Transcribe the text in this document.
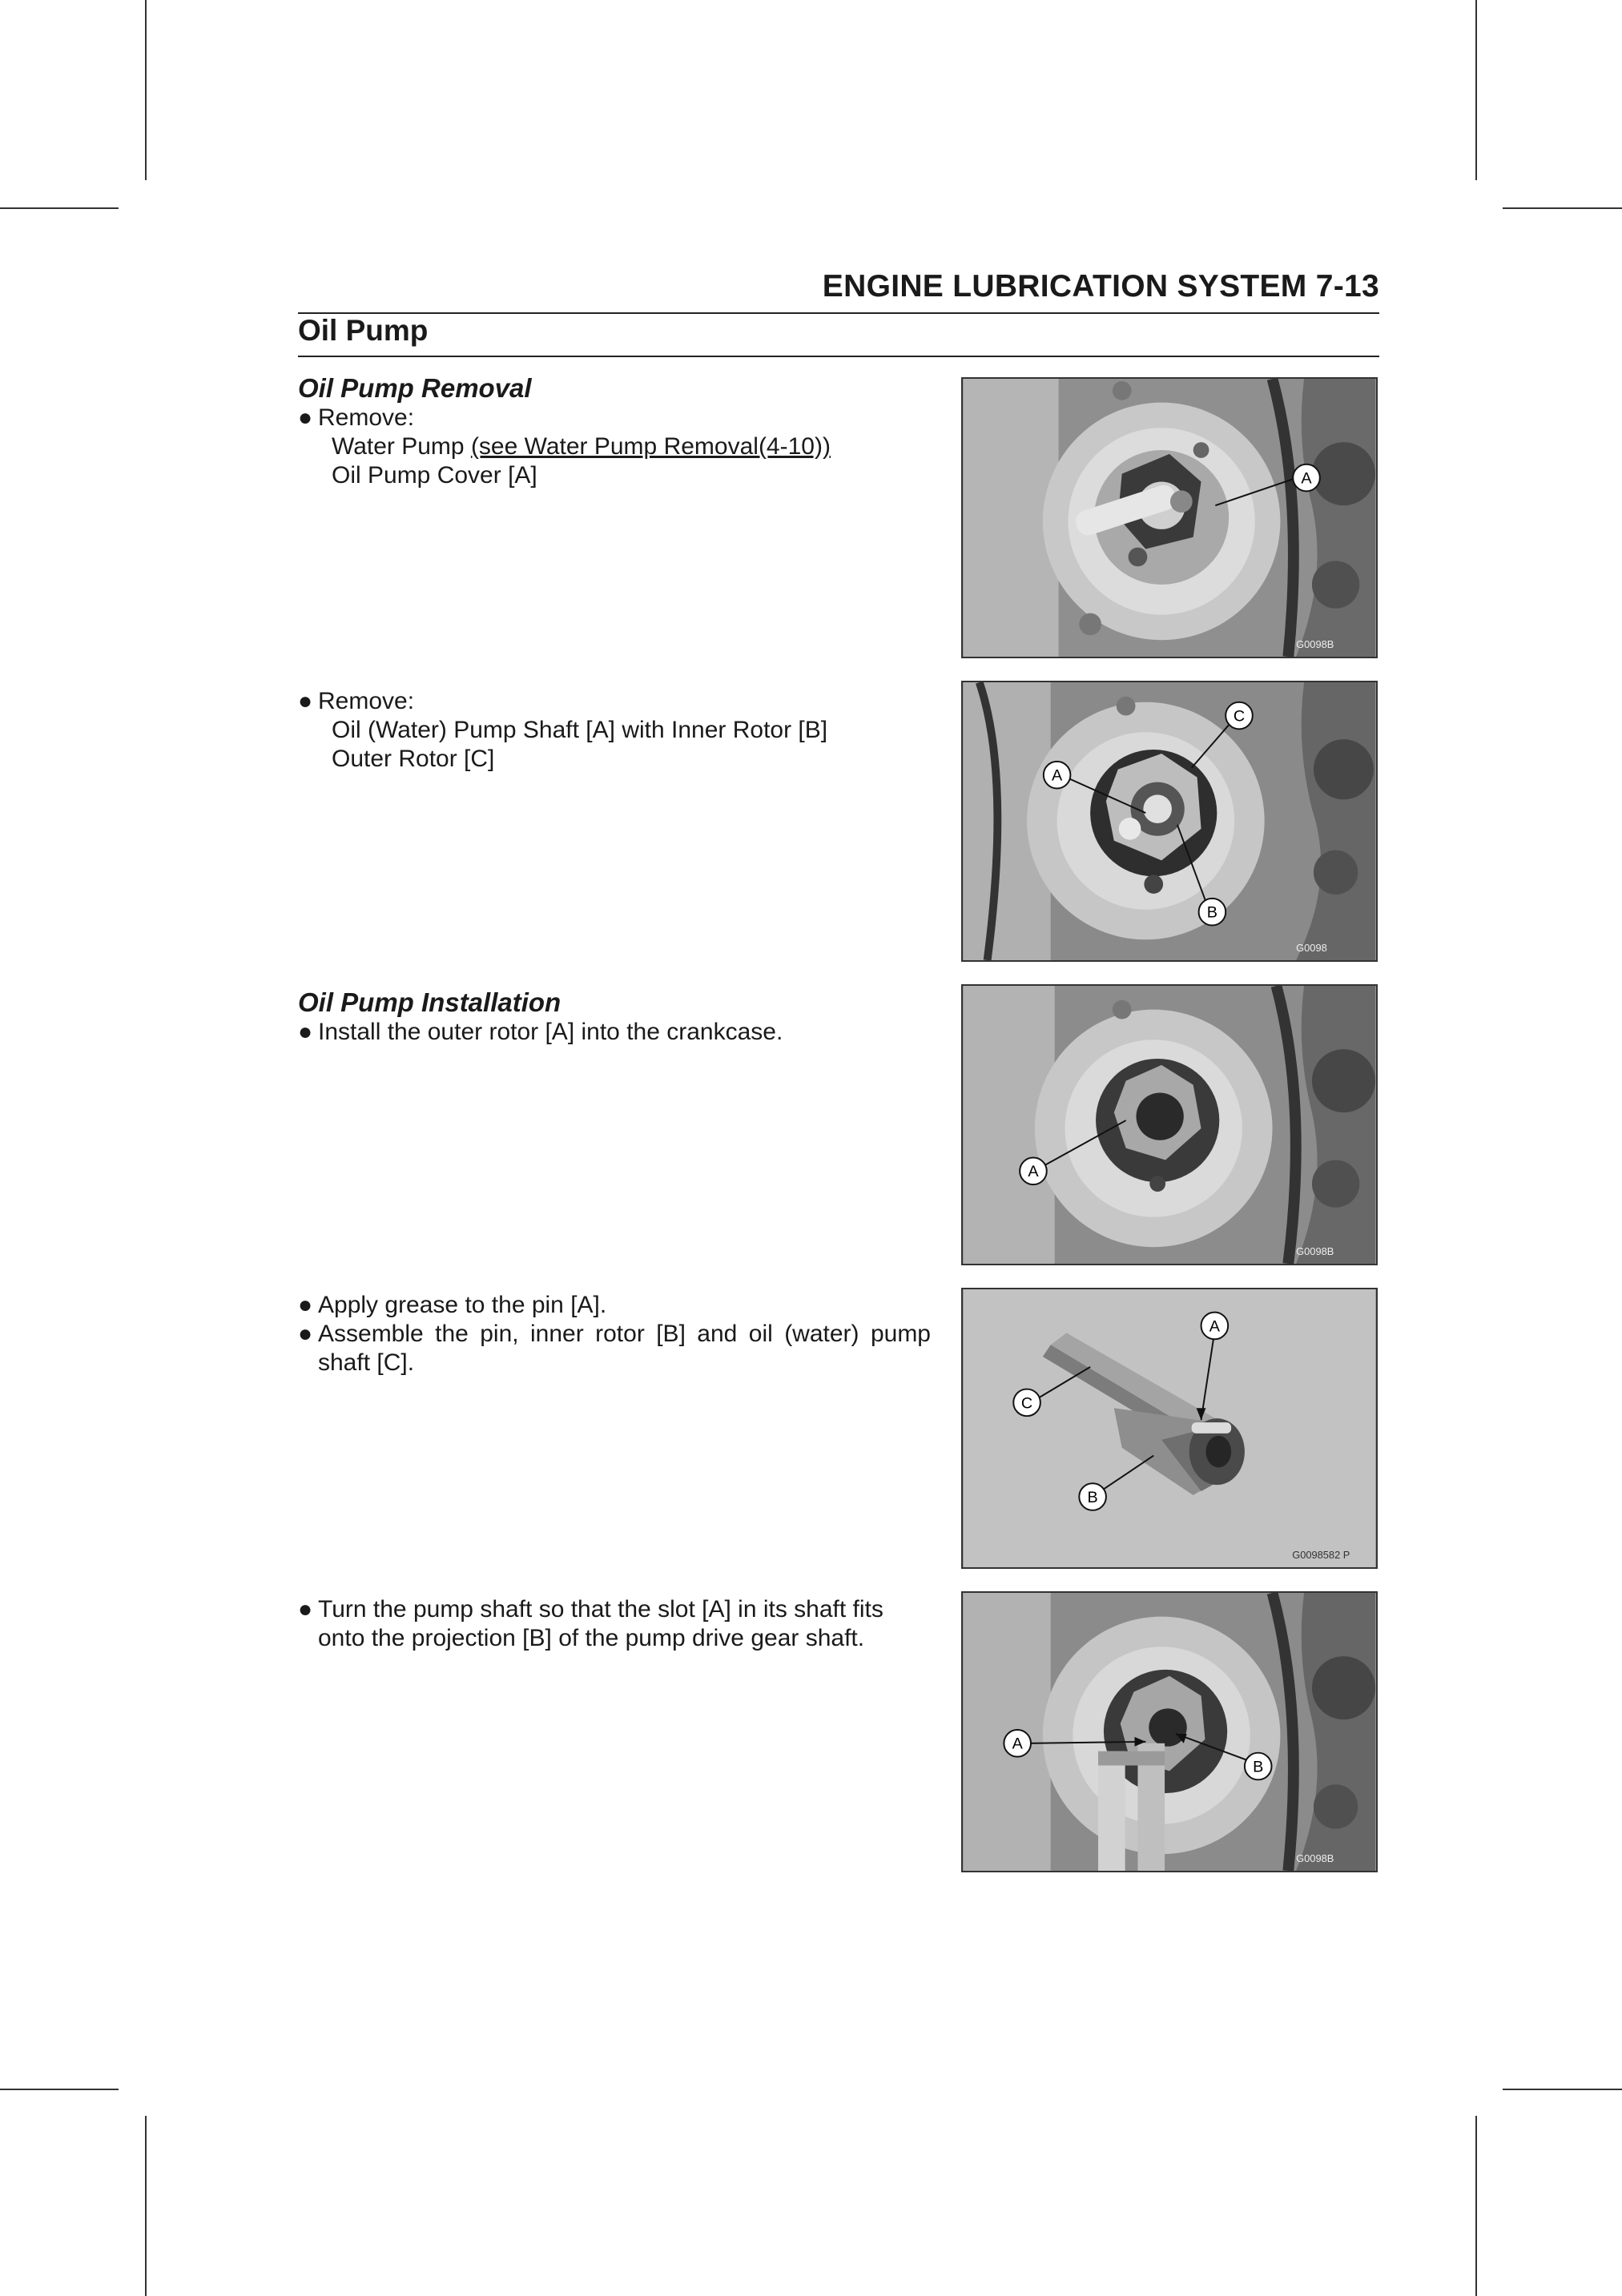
ENGINE LUBRICATION SYSTEM 7-13
Oil Pump
Oil Pump Removal
● Remove:
Water Pump (see Water Pump Removal(4-10))
Oil Pump Cover [A]
● Remove:
Oil (Water) Pump Shaft [A] with Inner Rotor [B]
Outer Rotor [C]
Oil Pump Installation
● Install the outer rotor [A] into the crankcase.
● Apply grease to the pin [A].
● Assemble the pin, inner rotor [B] and oil (water) pump shaft [C].
● Turn the pump shaft so that the slot [A] in its shaft fits onto the projection [B] of the pump drive gear shaft.
A
G0098B
A
B
C
G0098
A
G0098B
C
B
A
G0098582 P
A
B
G0098B
